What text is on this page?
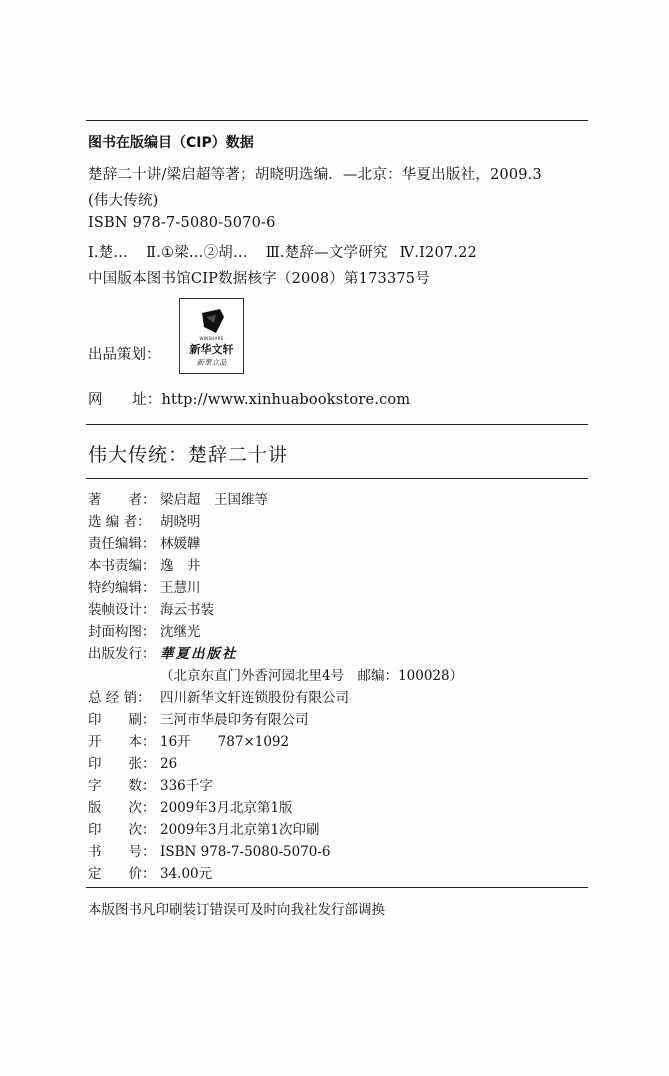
图书在版编目（CIP）数据
楚辞二十讲/梁启超等著；胡晓明选编．—北京：华夏出版社，2009.3
(伟大传统)
ISBN 978-7-5080-5070-6
Ⅰ.楚… Ⅱ.①梁…②胡… Ⅲ.楚辞—文学研究 Ⅳ.I207.22
中国版本图书馆CIP数据核字（2008）第173375号
出品策划：
WINSHARE
新华文轩
新華立品
网　　址：http://www.xinhuabookstore.com
伟大传统：楚辞二十讲
著　　者： 梁启超　王国维等
选 编 者： 胡晓明
责任编辑： 林媛韡
本书责编： 逸　井
特约编辑： 王慧川
装帧设计： 海云书装
封面构图： 沈继光
出版发行： 華夏出版社
（北京东直门外香河园北里4号　邮编：100028）
总 经 销： 四川新华文轩连锁股份有限公司
印　　刷： 三河市华晨印务有限公司
开　　本： 16开　　787×1092
印　　张： 26
字　　数： 336千字
版　　次： 2009年3月北京第1版
印　　次： 2009年3月北京第1次印刷
书　　号： ISBN 978-7-5080-5070-6
定　　价： 34.00元
本版图书凡印刷装订错误可及时向我社发行部调换
